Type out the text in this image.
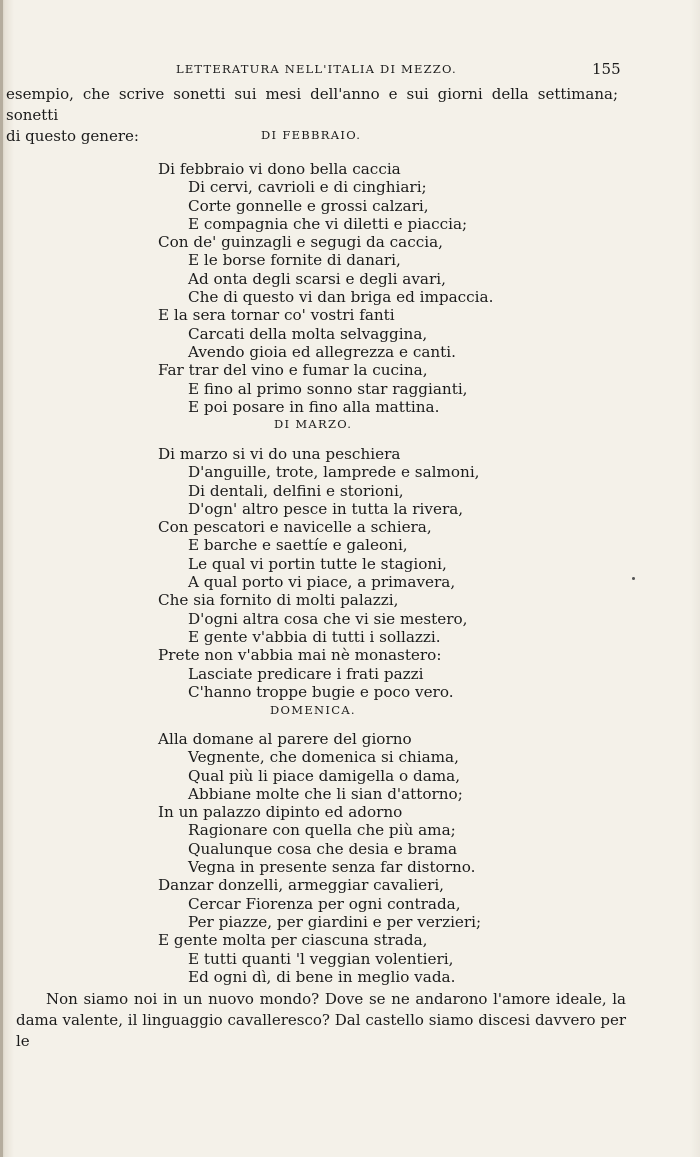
LETTERATURA NELL'ITALIA DI MEZZO.	155
esempio, che scrive sonetti sui mesi dell'anno e sui giorni della settimana; sonetti
di questo genere:	DI FEBBRAIO.
Di febbraio vi dono bella caccia
Di cervi, cavrioli e di cinghiari;
Corte gonnelle e grossi calzari,
E compagnia che vi diletti e piaccia;
Con de' guinzagli e segugi da caccia,
E le borse fornite di danari,
Ad onta degli scarsi e degli avari,
Che di questo vi dan briga ed impaccia.
E la sera tornar co' vostri fanti
Carcati della molta selvaggina,
Avendo gioia ed allegrezza e canti.
Far trar del vino e fumar la cucina,
E fino al primo sonno star raggianti,
E poi posare in fino alla mattina.
DI MARZO.
Di marzo si vi do una peschiera
D'anguille, trote, lamprede e salmoni,
Di dentali, delfini e storioni,
D'ogn' altro pesce in tutta la rivera,
Con pescatori e navicelle a schiera,
E barche e saettíe e galeoni,
Le qual vi portin tutte le stagioni,
A qual porto vi piace, a primavera,
Che sia fornito di molti palazzi,
D'ogni altra cosa che vi sie mestero,
E gente v'abbia di tutti i sollazzi.
Prete non v'abbia mai nè monastero:
Lasciate predicare i frati pazzi
C'hanno troppe bugie e poco vero.
DOMENICA.
Alla domane al parere del giorno
Vegnente, che domenica si chiama,
Qual più li piace damigella o dama,
Abbiane molte che li sian d'attorno;
In un palazzo dipinto ed adorno
Ragionare con quella che più ama;
Qualunque cosa che desia e brama
Vegna in presente senza far distorno.
Danzar donzelli, armeggiar cavalieri,
Cercar Fiorenza per ogni contrada,
Per piazze, per giardini e per verzieri;
E gente molta per ciascuna strada,
E tutti quanti 'l veggian volentieri,
Ed ogni dì, di bene in meglio vada.
Non siamo noi in un nuovo mondo? Dove se ne andarono l'amore ideale, la
dama valente, il linguaggio cavalleresco? Dal castello siamo discesi davvero per le
